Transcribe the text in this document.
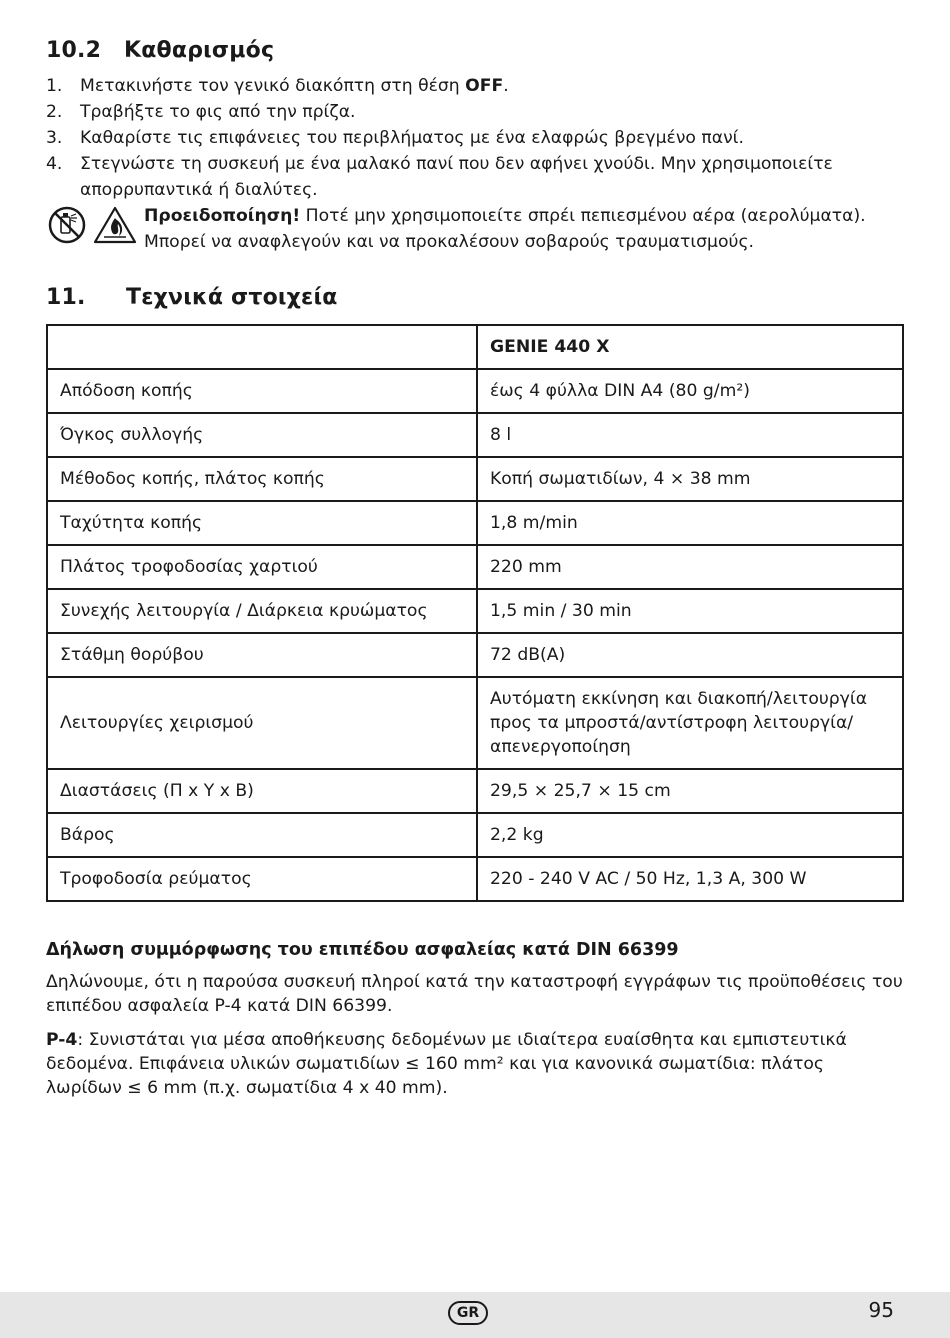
10.2 Καθαρισμός
1.	Μετακινήστε τον γενικό διακόπτη στη θέση OFF.
2.	Τραβήξτε το φις από την πρίζα.
3.	Καθαρίστε τις επιφάνειες του περιβλήματος με ένα ελαφρώς βρεγμένο πανί.
4.	Στεγνώστε τη συσκευή με ένα μαλακό πανί που δεν αφήνει χνούδι. Μην χρησιμοποιείτε απορρυπαντικά ή διαλύτες.
Προειδοποίηση! Ποτέ μην χρησιμοποιείτε σπρέι πεπιεσμένου αέρα (αερολύματα). Μπορεί να αναφλεγούν και να προκαλέσουν σοβαρούς τραυματισμούς.
11. Τεχνικά στοιχεία
	GENIE 440 X
Απόδοση κοπής	έως 4 φύλλα DIN A4 (80 g/m²)
Όγκος συλλογής	8 l
Μέθοδος κοπής, πλάτος κοπής	Κοπή σωματιδίων, 4 × 38 mm
Ταχύτητα κοπής	1,8 m/min
Πλάτος τροφοδοσίας χαρτιού	220 mm
Συνεχής λειτουργία / Διάρκεια κρυώματος	1,5 min / 30 min
Στάθμη θορύβου	72 dB(A)
Λειτουργίες χειρισμού	Αυτόματη εκκίνηση και διακοπή/λειτουργία προς τα μπροστά/αντίστροφη λειτουργία/απενεργοποίηση
Διαστάσεις (Π x Υ x Β)	29,5 × 25,7 × 15 cm
Βάρος	2,2 kg
Τροφοδοσία ρεύματος	220 - 240 V AC / 50 Hz, 1,3 A, 300 W
Δήλωση συμμόρφωσης του επιπέδου ασφαλείας κατά DIN 66399
Δηλώνουμε, ότι η παρούσα συσκευή πληροί κατά την καταστροφή εγγράφων τις προϋποθέσεις του επιπέδου ασφαλεία P-4 κατά DIN 66399.
P-4: Συνιστάται για μέσα αποθήκευσης δεδομένων με ιδιαίτερα ευαίσθητα και εμπιστευτικά δεδομένα. Επιφάνεια υλικών σωματιδίων ≤ 160 mm² και για κανονικά σωματίδια: πλάτος λωρίδων ≤ 6 mm (π.χ. σωματίδια 4 x 40 mm).
GR	95
